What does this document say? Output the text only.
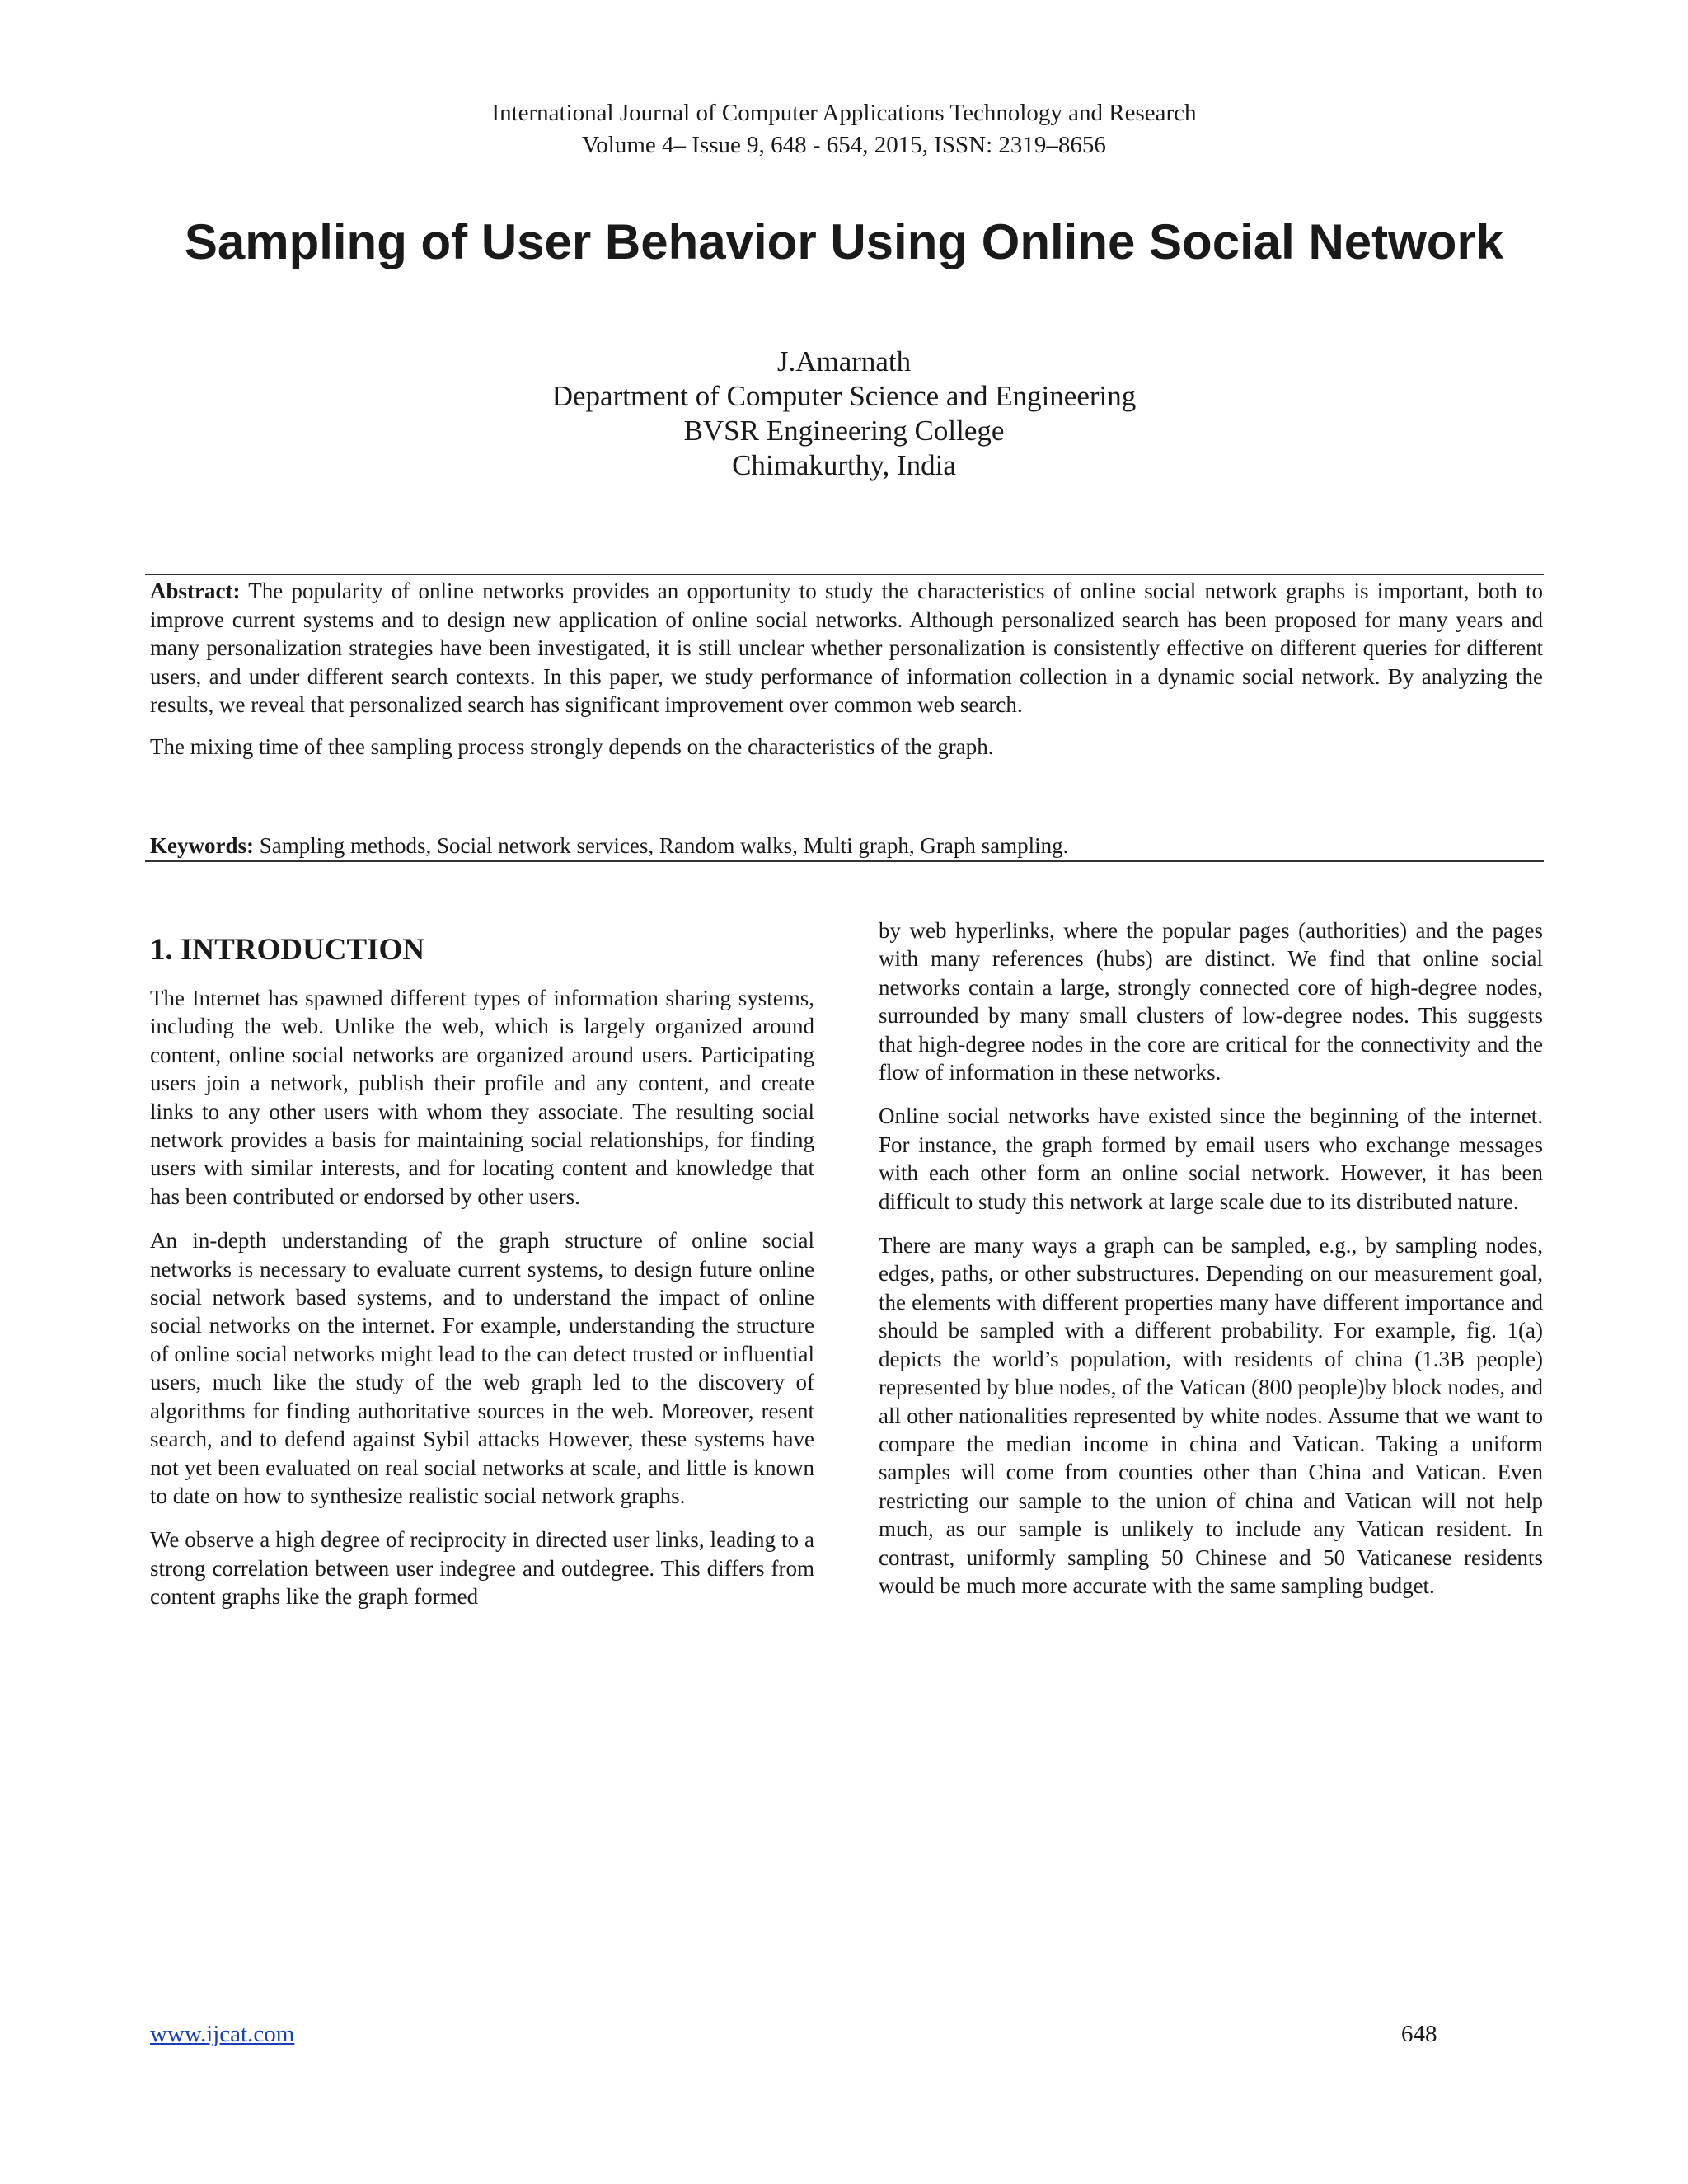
International Journal of Computer Applications Technology and Research
Volume 4– Issue 9, 648 - 654, 2015, ISSN: 2319–8656
Sampling of User Behavior Using Online Social Network
J.Amarnath
Department of Computer Science and Engineering
BVSR Engineering College
Chimakurthy, India

Abstract: The popularity of online networks provides an opportunity to study the characteristics of online social network graphs is important, both to improve current systems and to design new application of online social networks. Although personalized search has been proposed for many years and many personalization strategies have been investigated, it is still unclear whether personalization is consistently effective on different queries for different users, and under different search contexts. In this paper, we study performance of information collection in a dynamic social network. By analyzing the results, we reveal that personalized search has significant improvement over common web search.

The mixing time of thee sampling process strongly depends on the characteristics of the graph.

Keywords: Sampling methods, Social network services, Random walks, Multi graph, Graph sampling.
1. INTRODUCTION

The Internet has spawned different types of information sharing systems, including the web. Unlike the web, which is largely organized around content, online social networks are organized around users. Participating users join a network, publish their profile and any content, and create links to any other users with whom they associate. The resulting social network provides a basis for maintaining social relationships, for finding users with similar interests, and for locating content and knowledge that has been contributed or endorsed by other users.

An in-depth understanding of the graph structure of online social networks is necessary to evaluate current systems, to design future online social network based systems, and to understand the impact of online social networks on the internet. For example, understanding the structure of online social networks might lead to the can detect trusted or influential users, much like the study of the web graph led to the discovery of algorithms for finding authoritative sources in the web. Moreover, resent search, and to defend against Sybil attacks However, these systems have not yet been evaluated on real social networks at scale, and little is known to date on how to synthesize realistic social network graphs.

We observe a high degree of reciprocity in directed user links, leading to a strong correlation between user indegree and outdegree. This differs from content graphs like the graph formed

by web hyperlinks, where the popular pages (authorities) and the pages with many references (hubs) are distinct. We find that online social networks contain a large, strongly connected core of high-degree nodes, surrounded by many small clusters of low-degree nodes. This suggests that high-degree nodes in the core are critical for the connectivity and the flow of information in these networks.

Online social networks have existed since the beginning of the internet. For instance, the graph formed by email users who exchange messages with each other form an online social network. However, it has been difficult to study this network at large scale due to its distributed nature.

There are many ways a graph can be sampled, e.g., by sampling nodes, edges, paths, or other substructures. Depending on our measurement goal, the elements with different properties many have different importance and should be sampled with a different probability. For example, fig. 1(a) depicts the world’s population, with residents of china (1.3B people) represented by blue nodes, of the Vatican (800 people)by block nodes, and all other nationalities represented by white nodes. Assume that we want to compare the median income in china and Vatican. Taking a uniform samples will come from counties other than China and Vatican. Even restricting our sample to the union of china and Vatican will not help much, as our sample is unlikely to include any Vatican resident. In contrast, uniformly sampling 50 Chinese and 50 Vaticanese residents would be much more accurate with the same sampling budget.

www.ijcat.com	648
